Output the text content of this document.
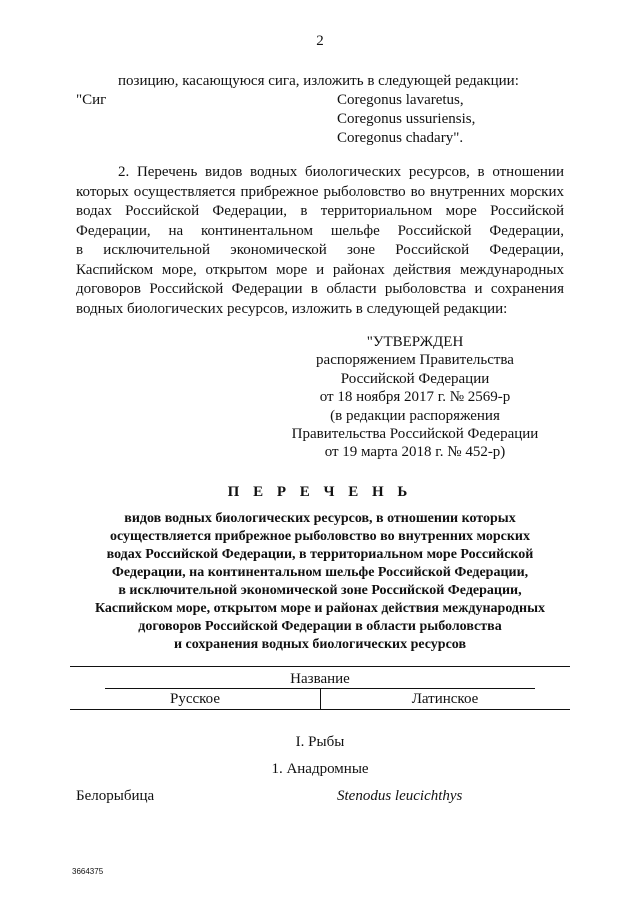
2
позицию, касающуюся сига, изложить в следующей редакции:
"Сиг	Coregonus lavaretus,
Coregonus ussuriensis,
Coregonus chadary".
2. Перечень видов водных биологических ресурсов, в отношении
которых осуществляется прибрежное рыболовство во внутренних морских
водах Российской Федерации, в территориальном море Российской
Федерации, на континентальном шельфе Российской Федерации,
в исключительной экономической зоне Российской Федерации,
Каспийском море, открытом море и районах действия международных
договоров Российской Федерации в области рыболовства и сохранения
водных биологических ресурсов, изложить в следующей редакции:
"УТВЕРЖДЕН
распоряжением Правительства
Российской Федерации
от 18 ноября 2017 г. № 2569-р
(в редакции распоряжения
Правительства Российской Федерации
от 19 марта 2018 г. № 452-р)
П Е Р Е Ч Е Н Ь
видов водных биологических ресурсов, в отношении которых
осуществляется прибрежное рыболовство во внутренних морских
водах Российской Федерации, в территориальном море Российской
Федерации, на континентальном шельфе Российской Федерации,
в исключительной экономической зоне Российской Федерации,
Каспийском море, открытом море и районах действия международных
договоров Российской Федерации в области рыболовства
и сохранения водных биологических ресурсов
Название
Русское	Латинское
I. Рыбы
1. Анадромные
Белорыбица	Stenodus leucichthys
3664375
